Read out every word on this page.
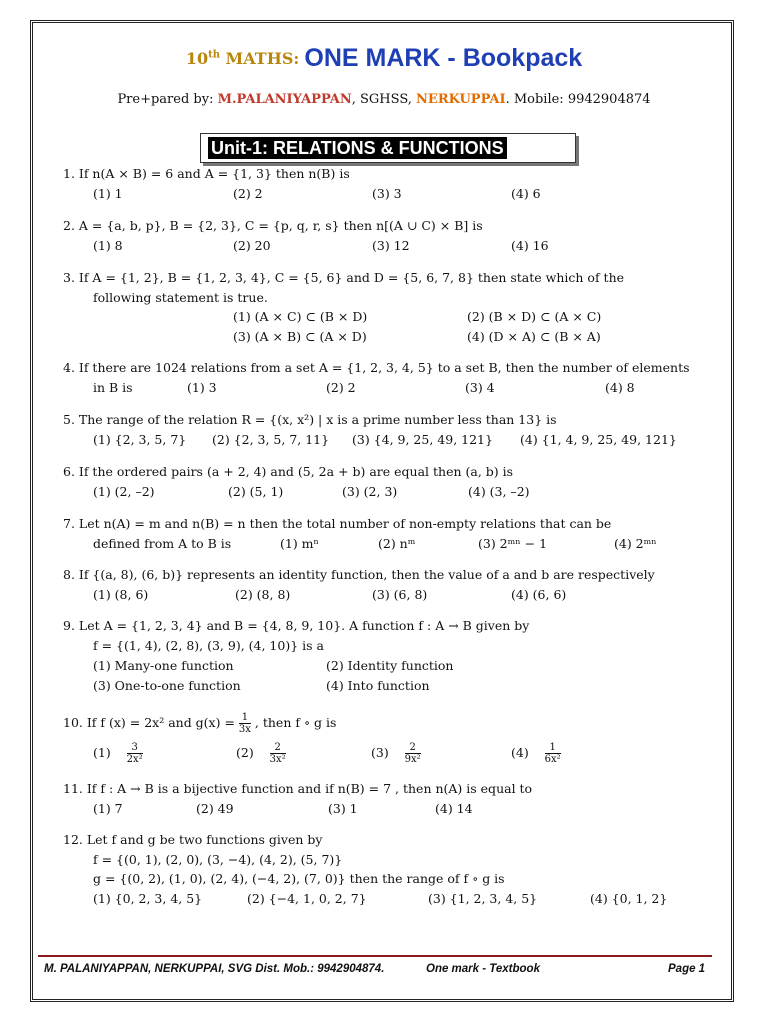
10th MATHS: ONE MARK - Bookpack
Pre+pared by: M.PALANIYAPPAN, SGHSS, NERKUPPAI. Mobile: 9942904874
Unit-1: RELATIONS & FUNCTIONS
1. If n(A × B) = 6 and A = {1, 3} then n(B) is
(1) 1	(2) 2	(3) 3	(4) 6
2. A = {a, b, p}, B = {2, 3}, C = {p, q, r, s} then n[(A ∪ C) × B] is
(1) 8	(2) 20	(3) 12	(4) 16
3. If A = {1, 2}, B = {1, 2, 3, 4}, C = {5, 6} and D = {5, 6, 7, 8} then state which of the
following statement is true.
(1) (A × C) ⊂ (B × D)	(2) (B × D) ⊂ (A × C)
(3) (A × B) ⊂ (A × D)	(4) (D × A) ⊂ (B × A)
4. If there are 1024 relations from a set A = {1, 2, 3, 4, 5} to a set B, then the number of elements
in B is	(1) 3	(2) 2	(3) 4	(4) 8
5. The range of the relation R = {(x, x²) | x is a prime number less than 13} is
(1) {2, 3, 5, 7} (2) {2, 3, 5, 7, 11} (3) {4, 9, 25, 49, 121} (4) {1, 4, 9, 25, 49, 121}
6. If the ordered pairs (a + 2, 4) and (5, 2a + b) are equal then (a, b) is
(1) (2, –2)	(2) (5, 1)	(3) (2, 3)	(4) (3, –2)
7. Let n(A) = m and n(B) = n then the total number of non-empty relations that can be
defined from A to B is	(1) mⁿ	(2) nᵐ	(3) 2ᵐⁿ − 1	(4) 2ᵐⁿ
8. If {(a, 8), (6, b)} represents an identity function, then the value of a and b are respectively
(1) (8, 6)	(2) (8, 8)	(3) (6, 8)	(4) (6, 6)
9. Let A = {1, 2, 3, 4} and B = {4, 8, 9, 10}. A function f : A → B given by
f = {(1, 4), (2, 8), (3, 9), (4, 10)} is a
(1) Many-one function	(2) Identity function
(3) One-to-one function	(4) Into function
11. If f : A → B is a bijective function and if n(B) = 7 , then n(A) is equal to
(1) 7	(2) 49	(3) 1	(4) 14
12. Let f and g be two functions given by
f = {(0, 1), (2, 0), (3, −4), (4, 2), (5, 7)}
g = {(0, 2), (1, 0), (2, 4), (−4, 2), (7, 0)} then the range of f ∘ g is
(1) {0, 2, 3, 4, 5}	(2) {−4, 1, 0, 2, 7}	(3) {1, 2, 3, 4, 5}	(4) {0, 1, 2}
10. If f (x) = 2x² and $g(x) = \frac{1}{3x}$ , then f ∘ g is
$(1) \frac{3}{\text{2x²}}$	$(2) \frac{2}{\text{3x²}}$	$(3) \frac{2}{\text{9x²}}$	$(4) \frac{1}{\text{6x²}}$
M. PALANIYAPPAN, NERKUPPAI, SVG Dist. Mob.: 9942904874.	One mark - Textbook	Page 1
